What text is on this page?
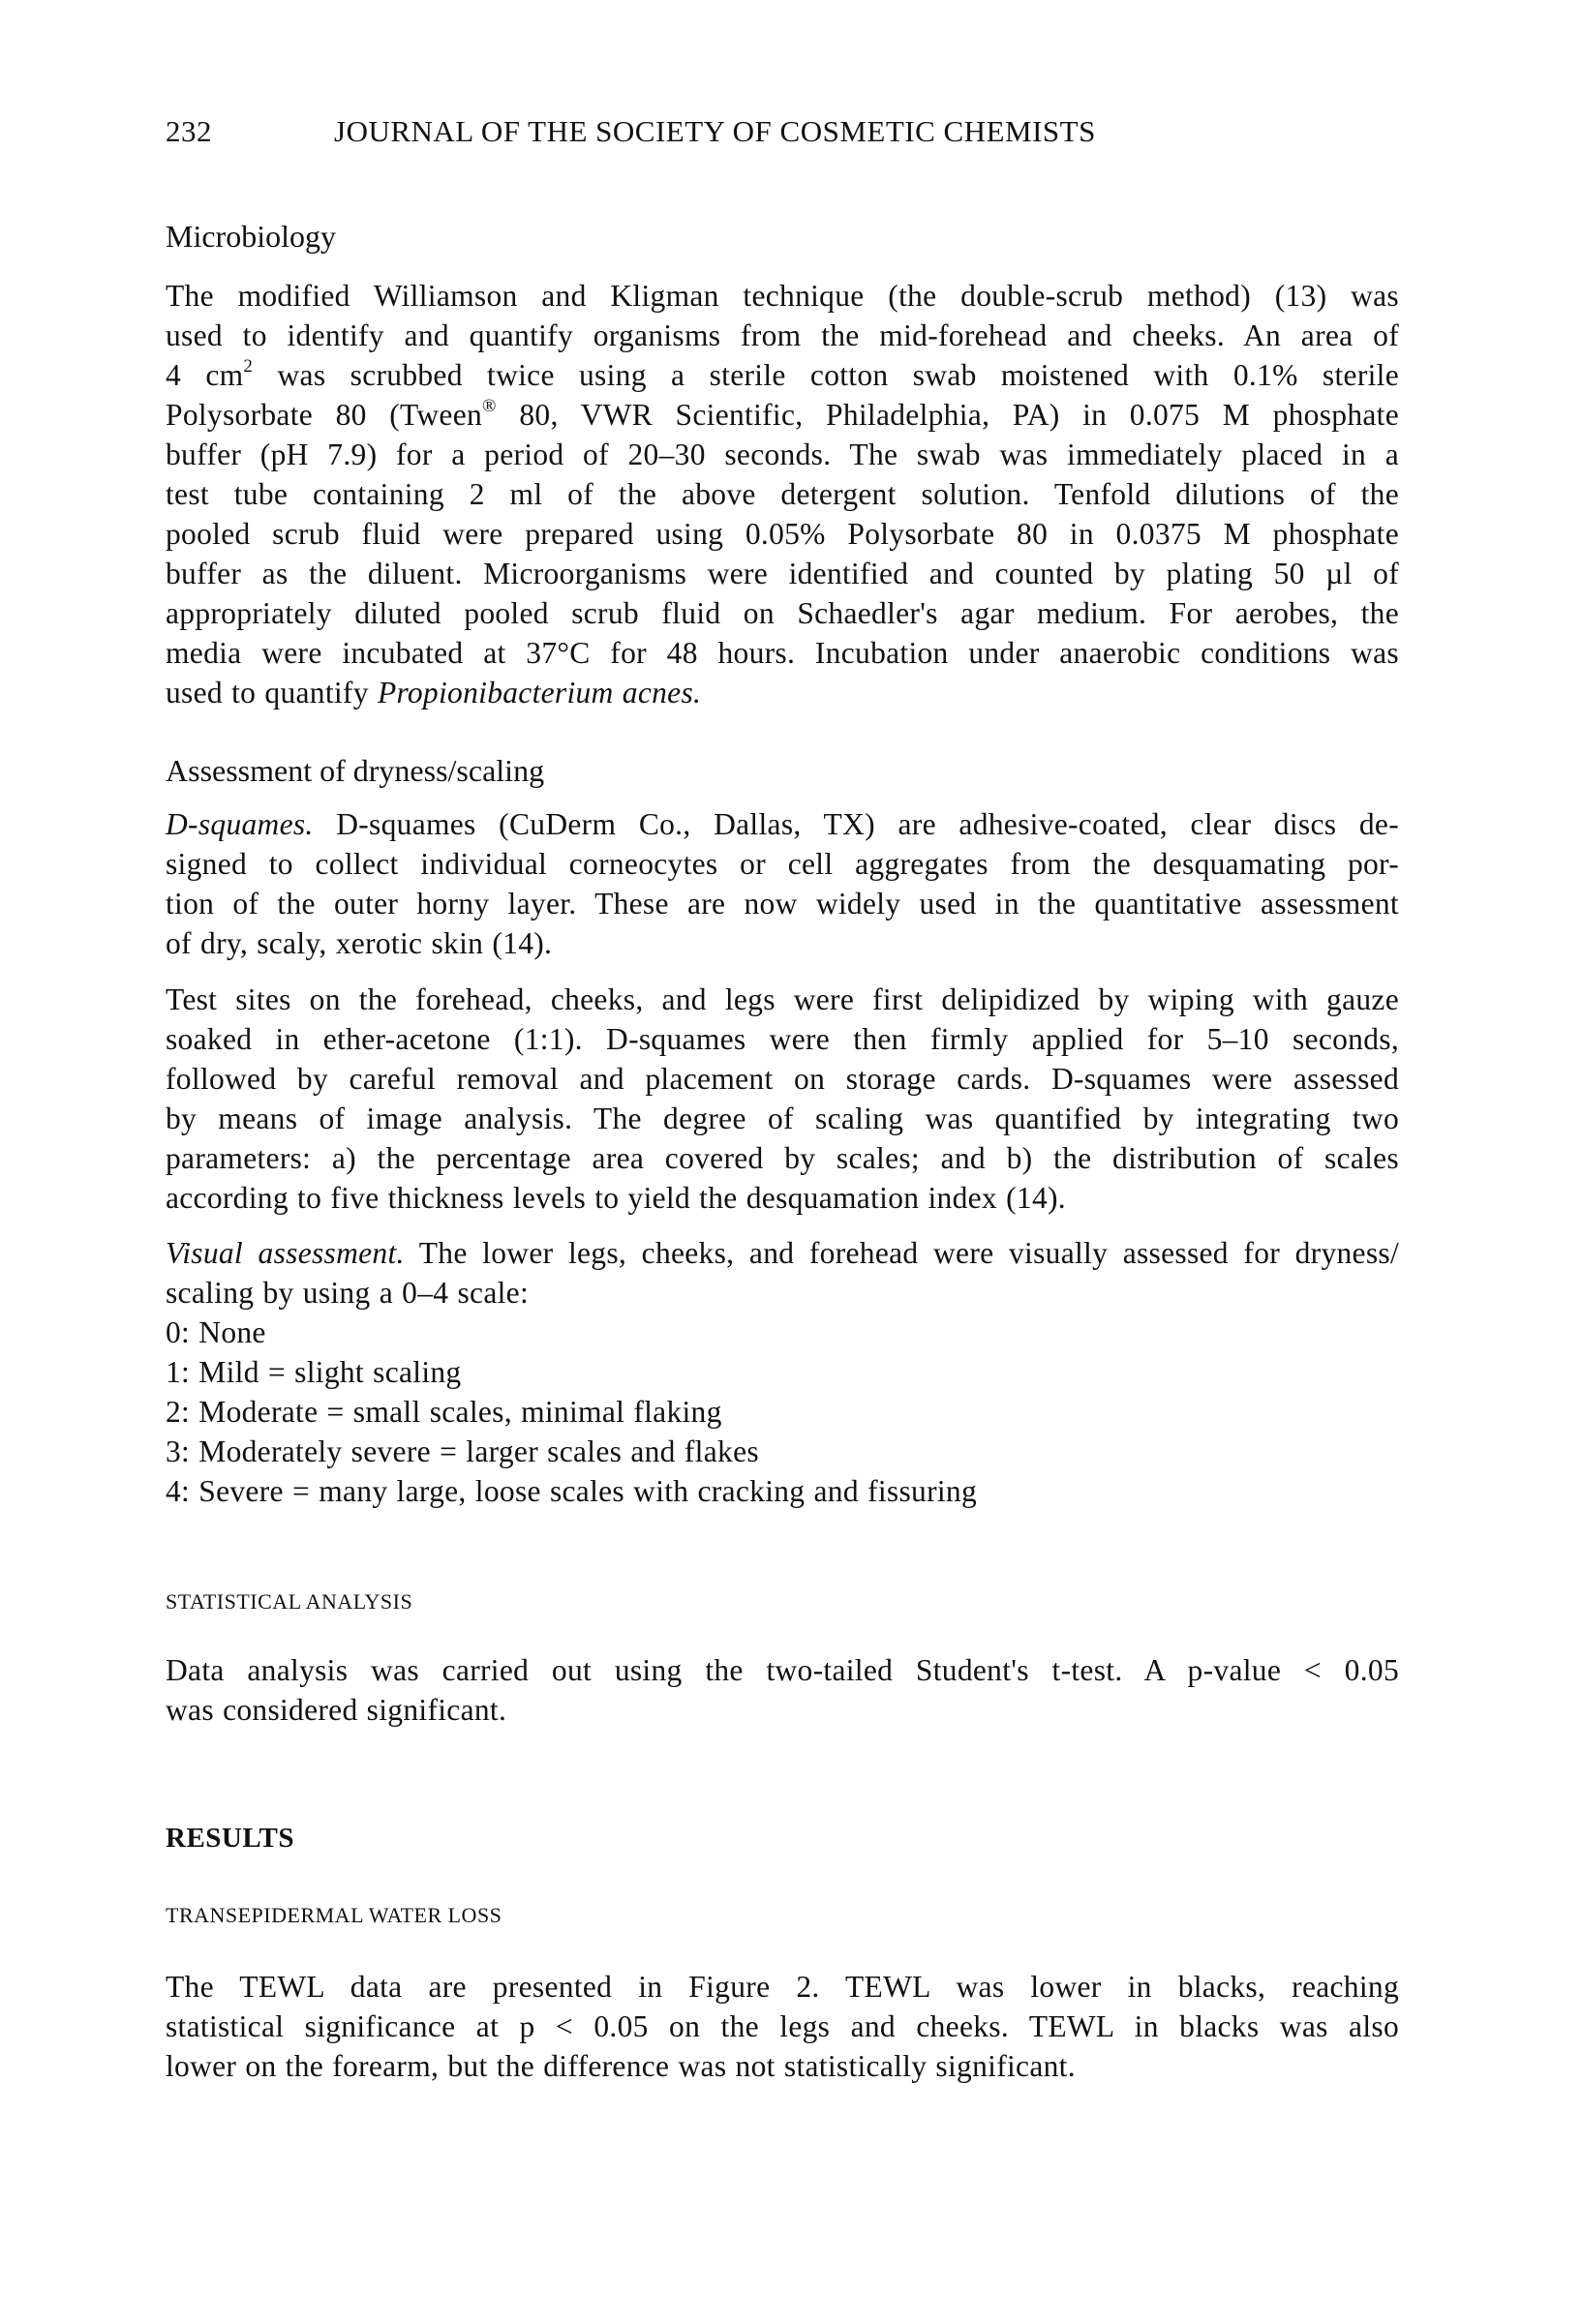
232	JOURNAL OF THE SOCIETY OF COSMETIC CHEMISTS
Microbiology
The modified Williamson and Kligman technique (the double-scrub method) (13) was
used to identify and quantify organisms from the mid-forehead and cheeks. An area of
4 $cm^2$ was scrubbed twice using a sterile cotton swab moistened with 0.1% sterile
Polysorbate 80 (Tween® 80, VWR Scientific, Philadelphia, PA) in 0.075 M phosphate
buffer (pH 7.9) for a period of 20–30 seconds. The swab was immediately placed in a
test tube containing 2 ml of the above detergent solution. Tenfold dilutions of the
pooled scrub fluid were prepared using 0.05% Polysorbate 80 in 0.0375 M phosphate
buffer as the diluent. Microorganisms were identified and counted by plating 50 µl of
appropriately diluted pooled scrub fluid on Schaedler's agar medium. For aerobes, the
media were incubated at 37°C for 48 hours. Incubation under anaerobic conditions was
used to quantify Propionibacterium acnes.
Assessment of dryness/scaling
D-squames. D-squames (CuDerm Co., Dallas, TX) are adhesive-coated, clear discs de-
signed to collect individual corneocytes or cell aggregates from the desquamating por-
tion of the outer horny layer. These are now widely used in the quantitative assessment
of dry, scaly, xerotic skin (14).
Test sites on the forehead, cheeks, and legs were first delipidized by wiping with gauze
soaked in ether-acetone (1:1). D-squames were then firmly applied for 5–10 seconds,
followed by careful removal and placement on storage cards. D-squames were assessed
by means of image analysis. The degree of scaling was quantified by integrating two
parameters: a) the percentage area covered by scales; and b) the distribution of scales
according to five thickness levels to yield the desquamation index (14).
Visual assessment. The lower legs, cheeks, and forehead were visually assessed for dryness/
scaling by using a 0–4 scale:
0: None
1: Mild = slight scaling
2: Moderate = small scales, minimal flaking
3: Moderately severe = larger scales and flakes
4: Severe = many large, loose scales with cracking and fissuring
STATISTICAL ANALYSIS
Data analysis was carried out using the two-tailed Student's t-test. A p-value < 0.05
was considered significant.
RESULTS
TRANSEPIDERMAL WATER LOSS
The TEWL data are presented in Figure 2. TEWL was lower in blacks, reaching
statistical significance at p < 0.05 on the legs and cheeks. TEWL in blacks was also
lower on the forearm, but the difference was not statistically significant.
